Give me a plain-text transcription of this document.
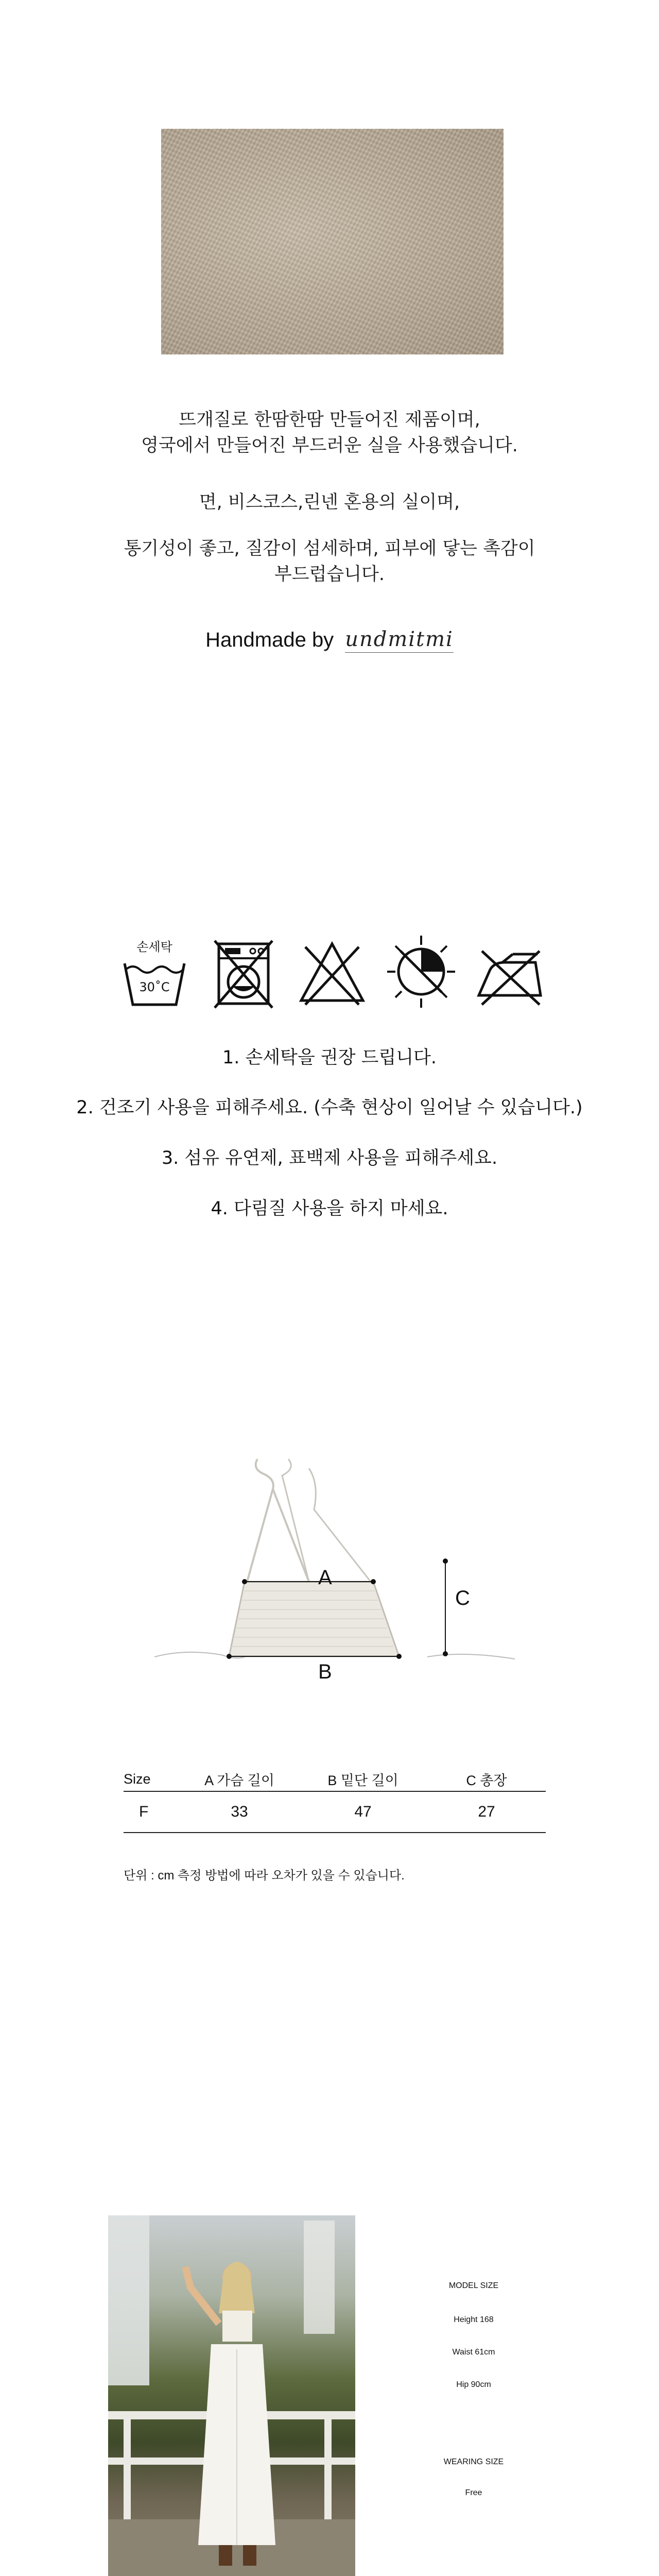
뜨개질로 한땀한땀 만들어진 제품이며,
영국에서 만들어진 부드러운 실을 사용했습니다.
면, 비스코스,린넨 혼용의 실이며,
통기성이 좋고, 질감이 섬세하며, 피부에 닿는 촉감이
부드럽습니다.
Handmade by undmitmi
손세탁
30˚C
1. 손세탁을 권장 드립니다.
2. 건조기 사용을 피해주세요. (수축 현상이 일어날 수 있습니다.)
3. 섬유 유연제, 표백제 사용을 피해주세요.
4. 다림질 사용을 하지 마세요.
A
B
C
Size	A 가슴 길이	B 밑단 길이	C 총장
F	33	47	27
단위 : cm 측정 방법에 따라 오차가 있을 수 있습니다.
MODEL SIZE
Height 168
Waist 61cm
Hip 90cm
WEARING SIZE
Free
